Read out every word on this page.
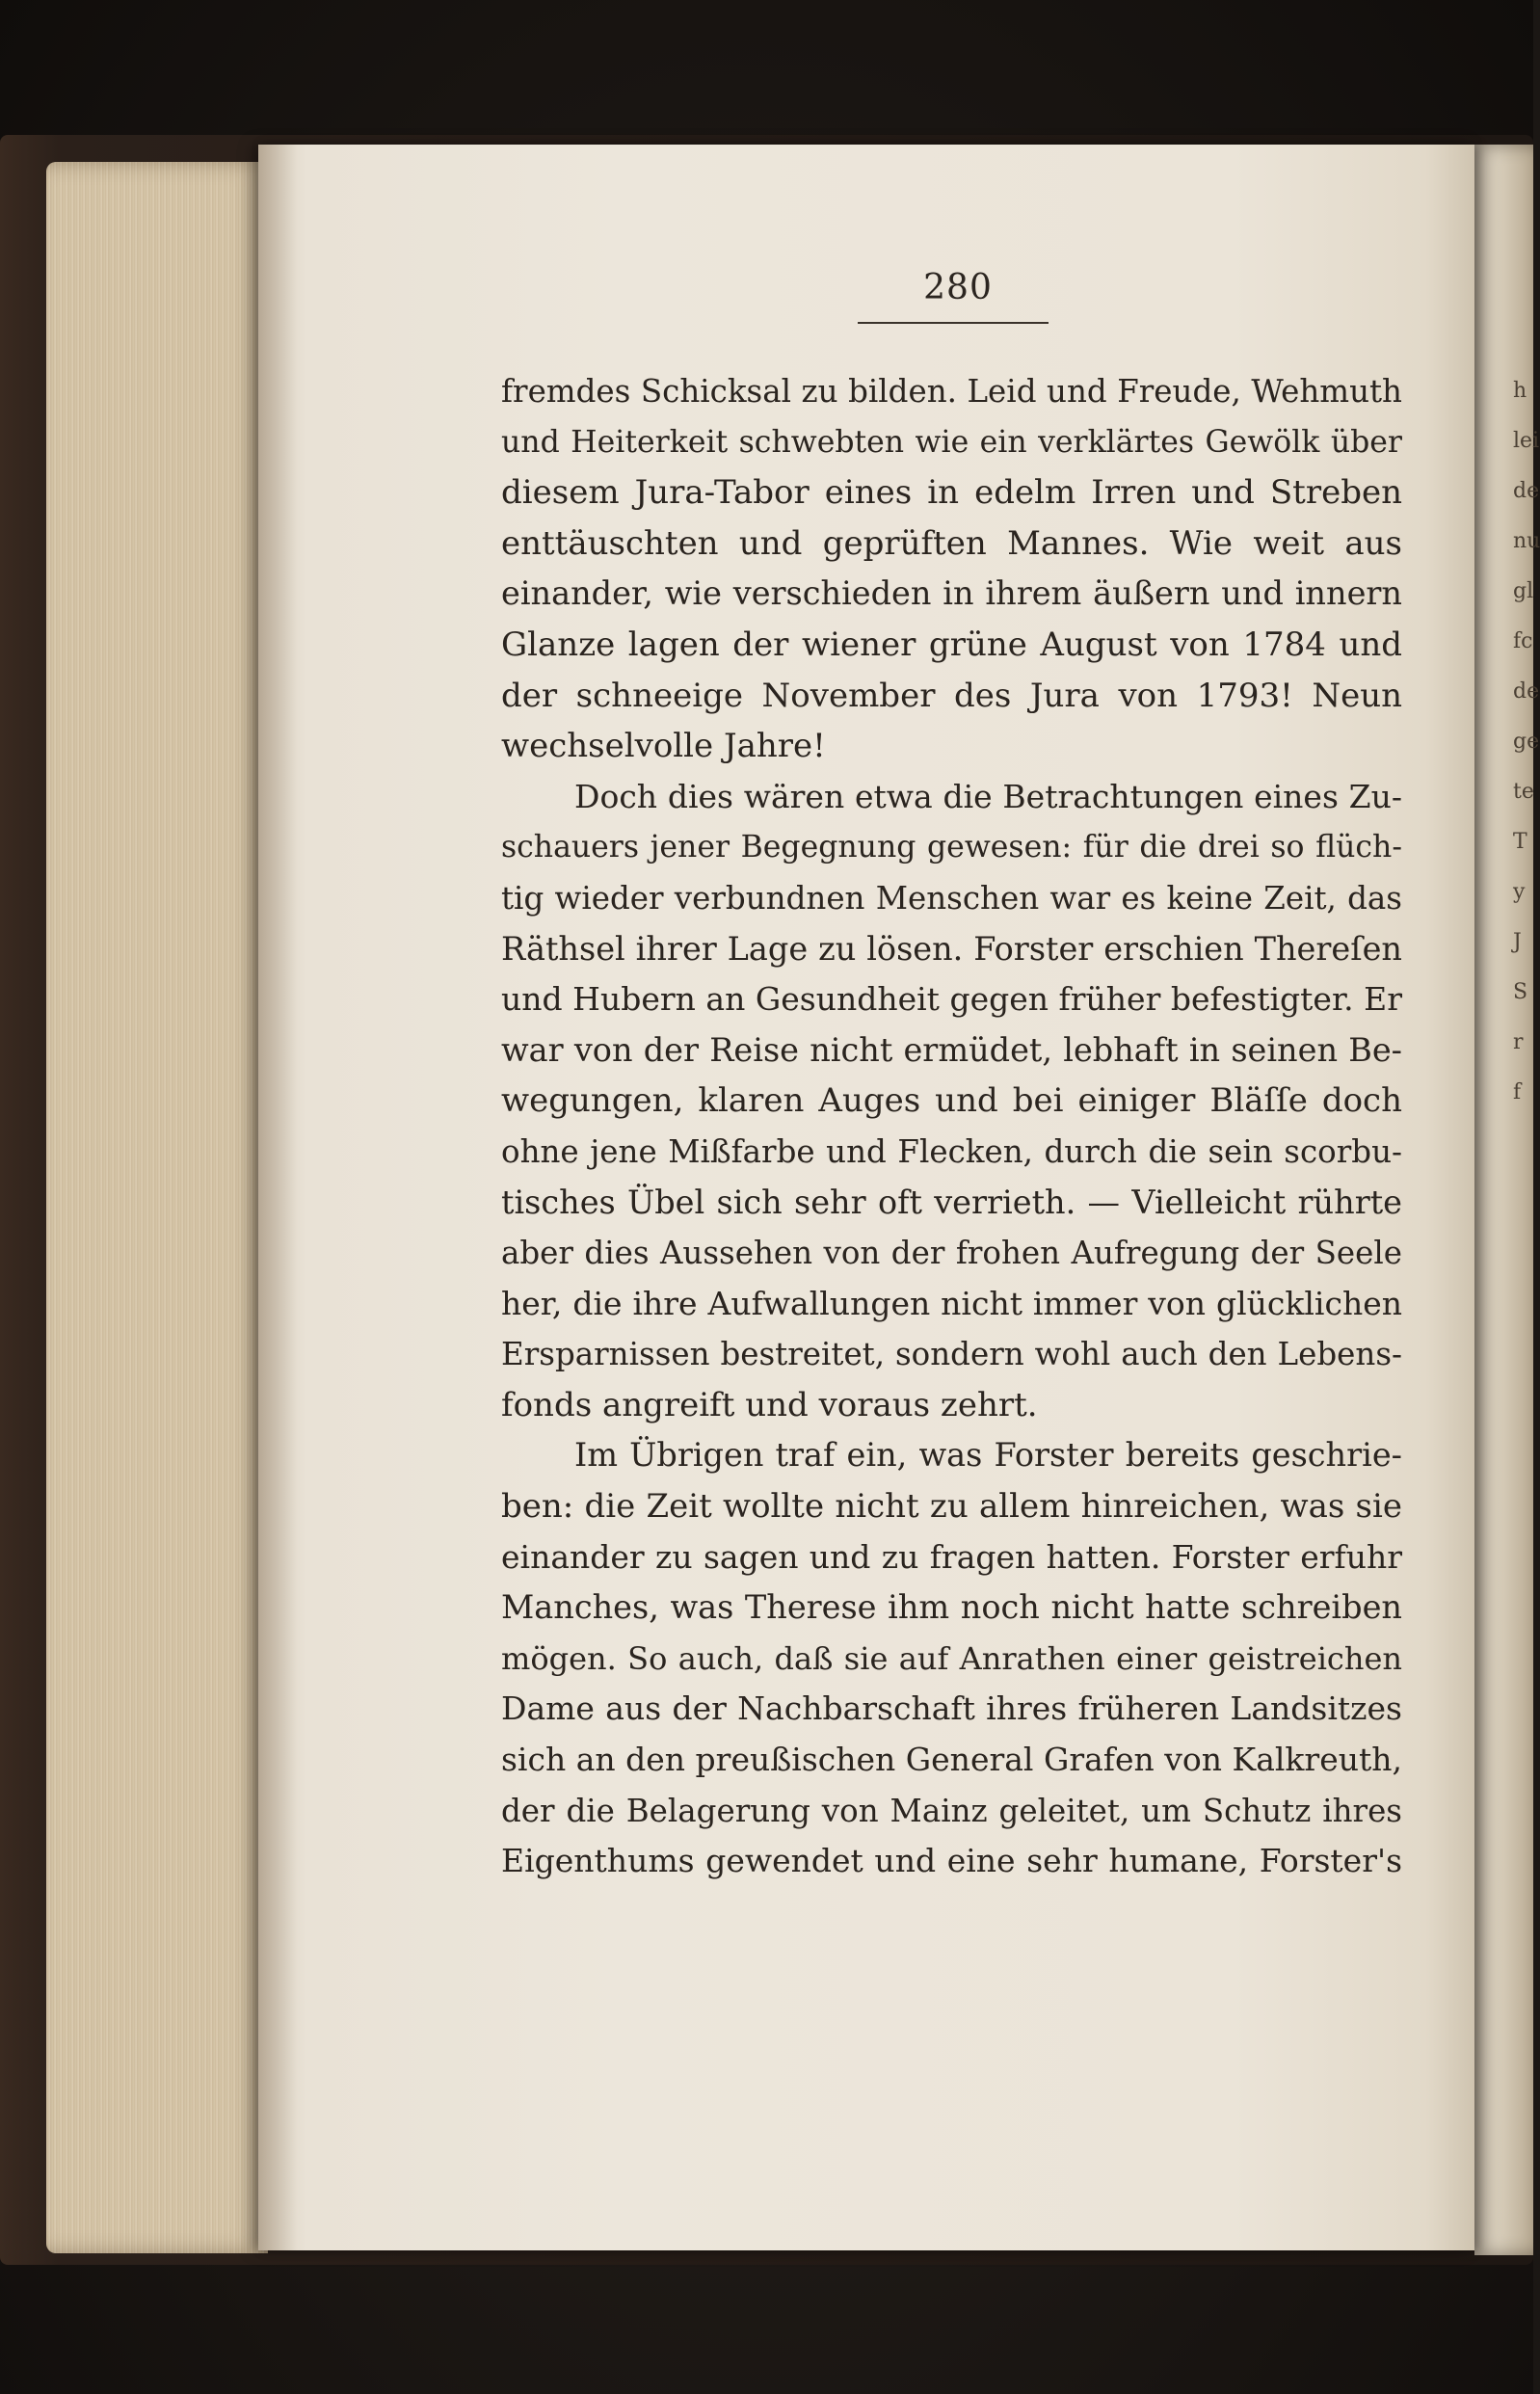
h
lei
de
nu
gl
fc
de
ge
te
T
y
J
S
r
f
280
fremdes Schicksal zu bilden. Leid und Freude, Wehmuth
und Heiterkeit schwebten wie ein verklärtes Gewölk über
diesem Jura-Tabor eines in edelm Irren und Streben
enttäuschten und geprüften Mannes. Wie weit aus
einander, wie verschieden in ihrem äußern und innern
Glanze lagen der wiener grüne August von 1784 und
der schneeige November des Jura von 1793! Neun
wechselvolle Jahre!
Doch dies wären etwa die Betrachtungen eines Zu-
schauers jener Begegnung gewesen: für die drei so flüch-
tig wieder verbundnen Menschen war es keine Zeit, das
Räthsel ihrer Lage zu lösen. Forster erschien Thereſen
und Hubern an Gesundheit gegen früher befestigter. Er
war von der Reise nicht ermüdet, lebhaft in seinen Be-
wegungen, klaren Auges und bei einiger Bläſſe doch
ohne jene Mißfarbe und Flecken, durch die sein scorbu-
tisches Übel sich sehr oft verrieth. — Vielleicht rührte
aber dies Aussehen von der frohen Aufregung der Seele
her, die ihre Aufwallungen nicht immer von glücklichen
Ersparnissen bestreitet, sondern wohl auch den Lebens-
fonds angreift und voraus zehrt.
Im Übrigen traf ein, was Forster bereits geschrie-
ben: die Zeit wollte nicht zu allem hinreichen, was sie
einander zu sagen und zu fragen hatten. Forster erfuhr
Manches, was Therese ihm noch nicht hatte schreiben
mögen. So auch, daß sie auf Anrathen einer geistreichen
Dame aus der Nachbarschaft ihres früheren Landsitzes
sich an den preußischen General Grafen von Kalkreuth,
der die Belagerung von Mainz geleitet, um Schutz ihres
Eigenthums gewendet und eine sehr humane, Forster's
